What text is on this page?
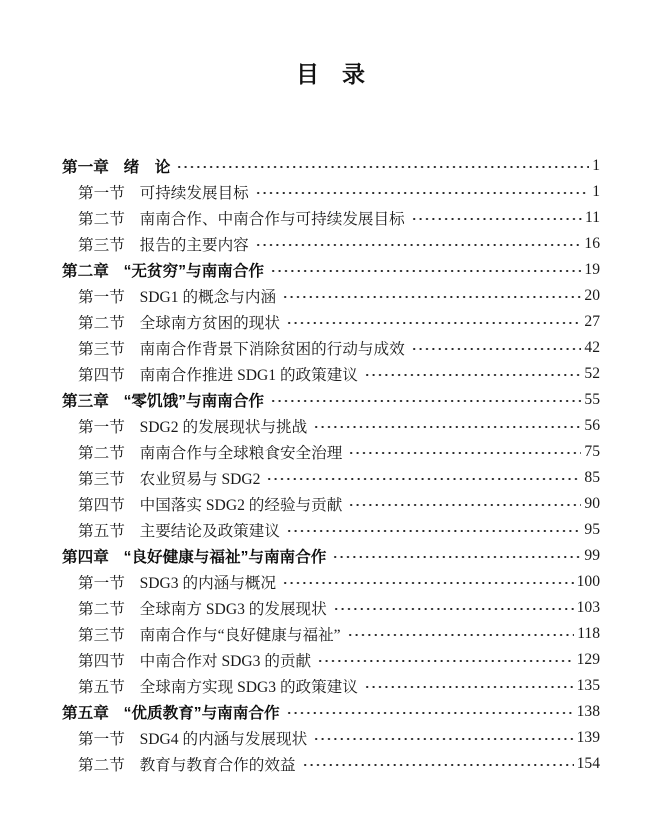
目　录
第一章 绪　论	1
第一节 可持续发展目标	1
第二节 南南合作、中南合作与可持续发展目标	11
第三节 报告的主要内容	16
第二章 “无贫穷”与南南合作	19
第一节 SDG1 的概念与内涵	20
第二节 全球南方贫困的现状	27
第三节 南南合作背景下消除贫困的行动与成效	42
第四节 南南合作推进 SDG1 的政策建议	52
第三章 “零饥饿”与南南合作	55
第一节 SDG2 的发展现状与挑战	56
第二节 南南合作与全球粮食安全治理	75
第三节 农业贸易与 SDG2	85
第四节 中国落实 SDG2 的经验与贡献	90
第五节 主要结论及政策建议	95
第四章 “良好健康与福祉”与南南合作	99
第一节 SDG3 的内涵与概况	100
第二节 全球南方 SDG3 的发展现状	103
第三节 南南合作与“良好健康与福祉”	118
第四节 中南合作对 SDG3 的贡献	129
第五节 全球南方实现 SDG3 的政策建议	135
第五章 “优质教育”与南南合作	138
第一节 SDG4 的内涵与发展现状	139
第二节 教育与教育合作的效益	154
